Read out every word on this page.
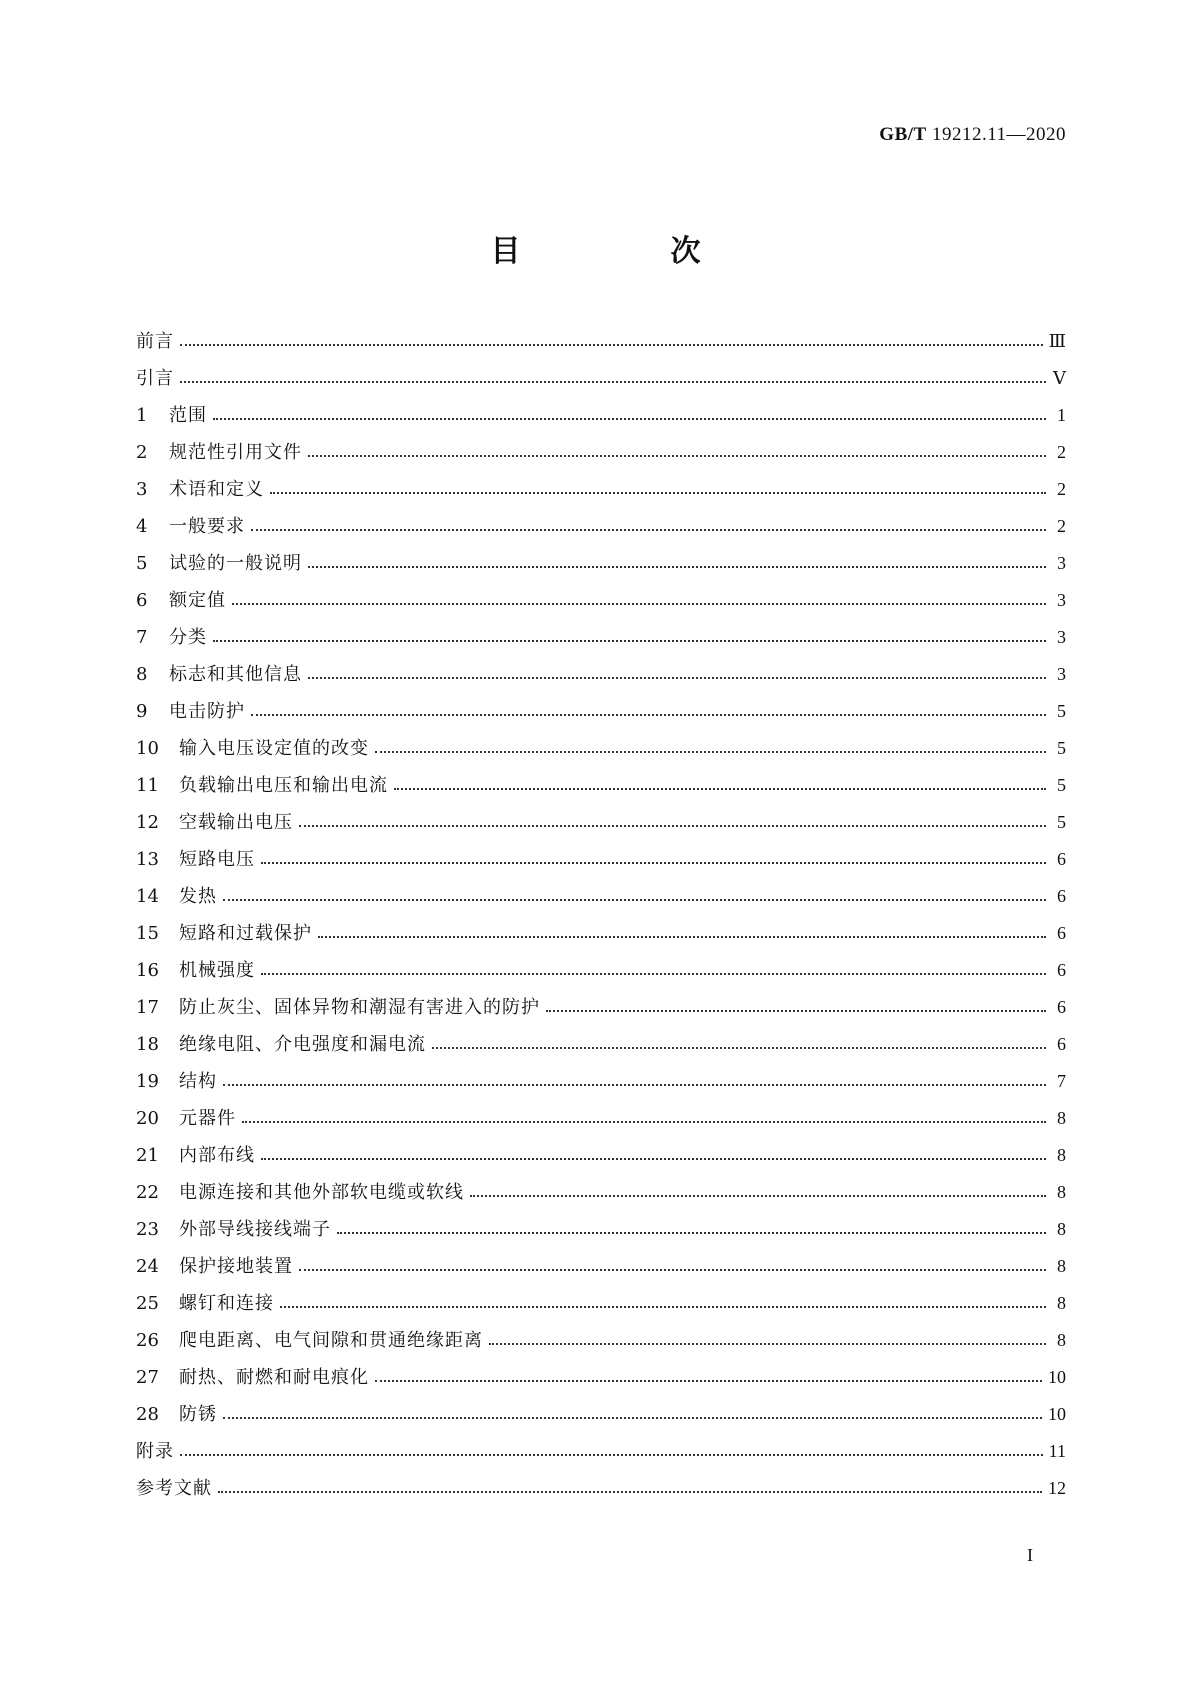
GB/T 19212.11—2020
目　次
前言	Ⅲ
引言	Ⅴ
1	范围	1
2	规范性引用文件	2
3	术语和定义	2
4	一般要求	2
5	试验的一般说明	3
6	额定值	3
7	分类	3
8	标志和其他信息	3
9	电击防护	5
10	输入电压设定值的改变	5
11	负载输出电压和输出电流	5
12	空载输出电压	5
13	短路电压	6
14	发热	6
15	短路和过载保护	6
16	机械强度	6
17	防止灰尘、固体异物和潮湿有害进入的防护	6
18	绝缘电阻、介电强度和漏电流	6
19	结构	7
20	元器件	8
21	内部布线	8
22	电源连接和其他外部软电缆或软线	8
23	外部导线接线端子	8
24	保护接地装置	8
25	螺钉和连接	8
26	爬电距离、电气间隙和贯通绝缘距离	8
27	耐热、耐燃和耐电痕化	10
28	防锈	10
附录	11
参考文献	12
I
